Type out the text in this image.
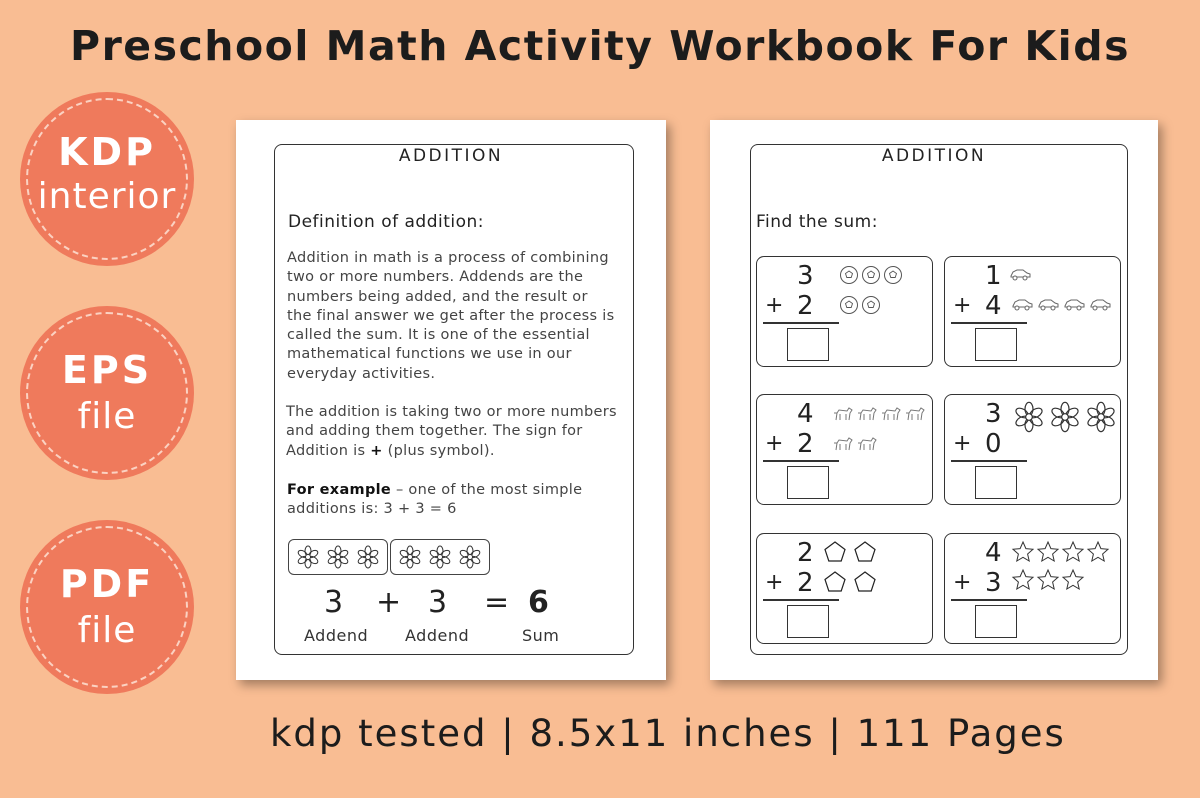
Preschool Math Activity Workbook For Kids
KDP
interior
EPS
file
PDF
file
ADDITION
Definition of addition:
Addition in math is a process of combining
two or more numbers. Addends are the
numbers being added, and the result or
the final answer we get after the process is
called the sum. It is one of the essential
mathematical functions we use in our
everyday activities.
The addition is taking two or more numbers
and adding them together. The sign for
Addition is + (plus symbol).
For example – one of the most simple
additions is: 3 + 3 = 6
3 + 3 = 6
Addend Addend	Sum
ADDITION
Find the sum:
3
+ 2
1
+ 4
4
+ 2
3
+ 0
2
+ 2
4
+ 3
kdp tested | 8.5x11 inches | 111 Pages
